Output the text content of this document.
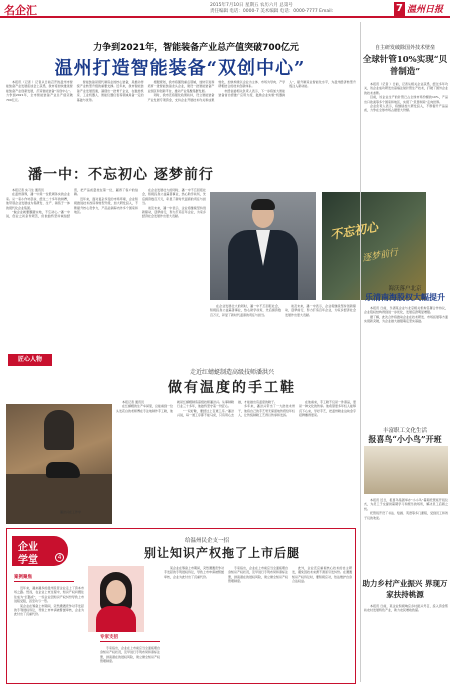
名企汇	2015年7月10日 星期五 农历六月 总第号
责任编辑 电话：0000-7 美术编辑 电话：0000-7777 Email:	7 温州日报
力争到2021年，智能装备产业总产值突破700亿元
温州打造智能装备“双创中心”

本报讯（记者 ）记者从日前召开的温州市智能装备产业发展座谈会上获悉，我市将加快推进智能装备产业创新发展，打造智能装备“双创中心”。力争到2021年，全市智能装备产业总产值突破700亿元。

智能装备是现代制造业的核心装备，是推动传统产业转型升级的重要支撑。近年来，我市智能装备产业发展迅速，涌现出一批骨干企业，在数控机床、工业机器人、智能仪器仪表等领域具备一定的基础与优势。

根据规划，我市将围绕重点领域，加快引进和培育一批智能装备龙头企业，建设一批智能装备产业园区和创新平台，推动产业集聚集群发展。

同时，我市还将强化政策扶持，设立智能装备产业发展专项资金，支持企业开展技术攻关和成果转化，加快构建以企业为主体、市场为导向、产学研相结合的技术创新体系。

市经信委相关负责人表示，下一步将加大智能装备首台套推广应用力度，鼓励企业实施“机器换人”，提升制造业智能化水平，为温州经济转型升级注入新动能。

潘一中：不忘初心 逐梦前行

本报记者 实习生 通讯员

在温州商界，潘一中是一位低调务实的企业家。从一家小作坊起步，经过二十多年的拼搏，他带领企业发展成为集研发、生产、销售于一体的现代化企业集团。

“做企业就要脚踏实地，不忘初心。”潘一中说，创业之初条件艰苦，但他始终坚持诚信经营，把产品质量放在第一位，赢得了客户的信赖。

近年来，面对复杂多变的市场环境，企业积极推进技术改造和转型升级，加大研发投入，不断提升核心竞争力，产品远销海内外多个国家和地区。

在企业发展壮大的同时，潘一中不忘回报社会，积极投身公益慈善事业，热心助学扶贫，先后捐资数百万元，彰显了新时代温商的责任与担当。

谈及未来，潘一中表示，企业将继续坚持创新驱动，逐梦前行，努力打造百年企业，为家乡经济社会发展作出更大贡献。

不忘初心
逐梦前行

在企业发展壮大的同时，潘一中不忘回报社会，积极投身公益慈善事业，热心助学扶贫，先后捐资数百万元，彰显了新时代温商的责任与担当。

谈及未来，潘一中表示，企业将继续坚持创新驱动，逐梦前行，努力打造百年企业，为家乡经济社会发展作出更大贡献。

匠心人物
走近红蜻蜓制造高级技师潘洪兴
做有温度的手工鞋
潘洪兴在工作中

本报记者 通讯员

在红蜻蜓的生产车间里，总能看到一位头发花白的老师傅在专注地制作手工鞋，他就是红蜻蜓制造高级技师潘洪兴。从事制鞋行业三十多年，他始终坚守着一份匠心。

“一双好鞋，要经过上百道工序。”潘洪兴说，每一道工序都不能马虎，只有用心去做，才能做出有温度的鞋子。

多年来，潘洪兴带出了一大批技术骨干，他将自己的手艺毫无保留地传授给年轻人，让传统制鞋工艺得以传承和发扬。

在他看来，手工鞋不仅是一件商品，更是一种文化的传承。他希望更多年轻人能够沉下心来，学好手艺，把温州鞋业这块金字招牌擦得更亮。

企业
学堂	4
给温州民企支一招
别让知识产权拖了上市后腿
案例聚焦

近年来，越来越多的温州民营企业走上了资本市场之路。然而，在企业上市过程中，知识产权问题往往成为“拦路虎”，一些企业因知识产权纠纷导致上市进程受阻，甚至功亏一篑。

某企业在筹备上市期间，突然遭遇竞争对手发起的专利侵权诉讼，导致上市申请被暂缓审核，企业为此付出了沉重代价。

专家支招

专家指出，企业在上市前应当全面梳理自身知识产权状况，及早进行专利布局和商标注册，排查潜在的侵权风险，建立健全知识产权管理制度。

某企业在筹备上市期间，突然遭遇竞争对手发起的专利侵权诉讼，导致上市申请被暂缓审核，企业为此付出了沉重代价。

专家指出，企业在上市前应当全面梳理自身知识产权状况，及早进行专利布局和商标注册，排查潜在的侵权风险，建立健全知识产权管理制度。

此外，企业还应重视核心技术的自主研发，避免因技术来源不清而引发纠纷。在遭遇知识产权诉讼时，要积极应对，依法维护自身合法权益。

自主研发破除国外技术壁垒
全球针管10%实现“贝普制造”

本报讯（记者 ）日前，记者从相关企业获悉，经过多年攻关，该企业成功研发出高端注射针管生产技术，打破了国外企业的技术垄断。

目前，该企业生产的针管已占全球市场份额的10%，产品出口欧美等多个国家和地区，实现了“贝普制造”走向世界。

企业负责人表示，将继续加大研发投入，不断提升产品品质，力争在全球市场占据更大份额。

海沃落户北京
乐清南海股权大幅提升

本报讯 日前，乐清某企业与北京相关机构签署合作协议，企业股权结构得到进一步优化，发展后劲明显增强。

据了解，此次合作将推动企业在技术研发、市场拓展等方面实现新突破，为企业做大做强奠定坚实基础。

丰富职工文化生活
报喜鸟“小小鸟”开班

本报讯 近日，报喜鸟集团举办“小小鸟”暑期托管班开班仪式，为员工子女提供暑期学习和娱乐的场所，解决员工后顾之忧。

托管班开设了书法、绘画、英语等多门课程，受到员工和孩子们的欢迎。

助力乡村产业振兴 界现万家扶持桃源

本报讯 日前，某企业积极响应乡村振兴号召，投入资金帮扶农村发展特色产业，助力农民增收致富。
